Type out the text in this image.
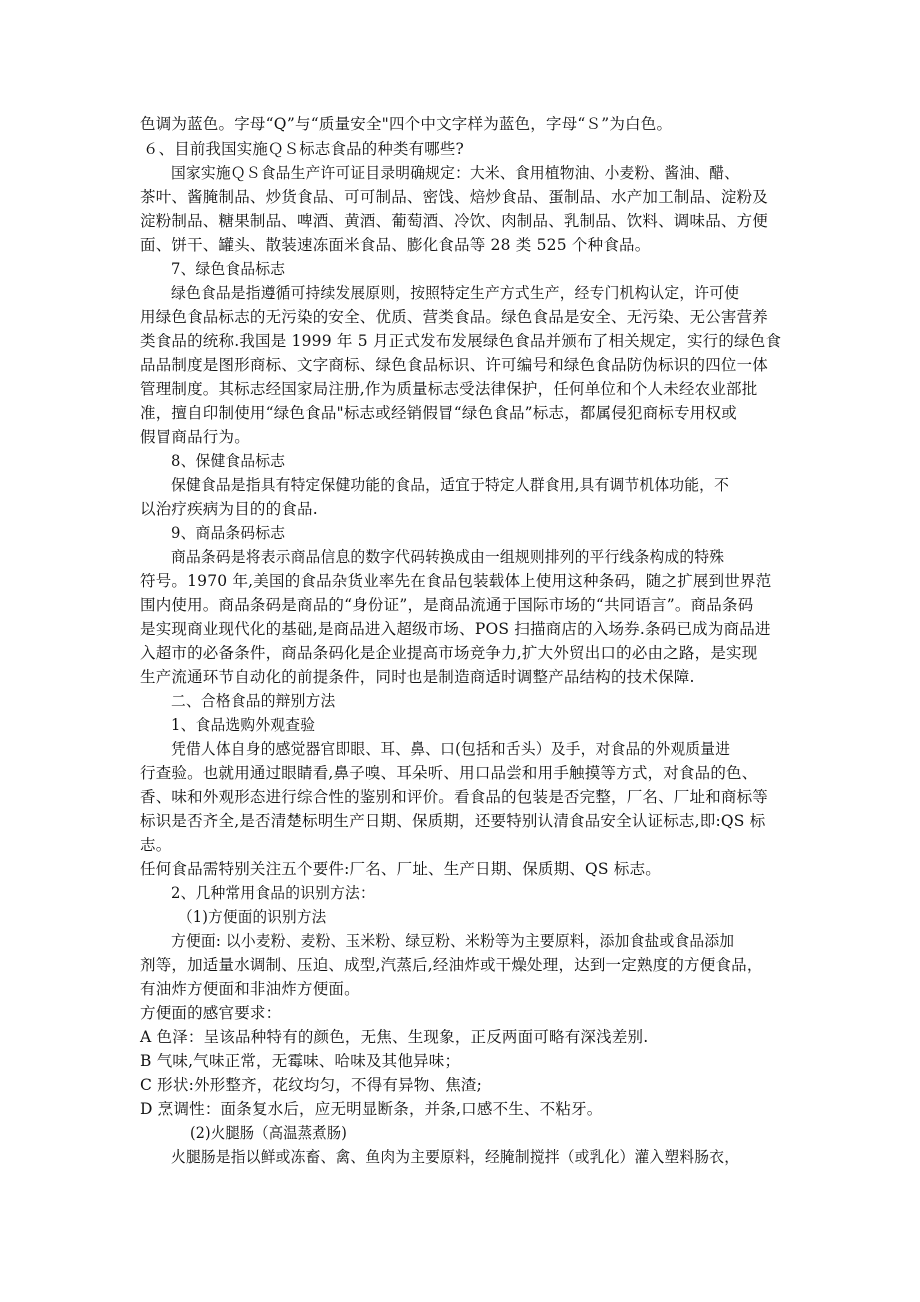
色调为蓝色。字母“Q”与“质量安全"四个中文字样为蓝色，字母“Ｓ”为白色。
６、目前我国实施ＱＳ标志食品的种类有哪些?
国家实施ＱＳ食品生产许可证目录明确规定：大米、食用植物油、小麦粉、酱油、醋、
茶叶、酱腌制品、炒货食品、可可制品、密饯、焙炒食品、蛋制品、水产加工制品、淀粉及
淀粉制品、糖果制品、啤酒、黄酒、葡萄酒、冷饮、肉制品、乳制品、饮料、调味品、方便
面、饼干、罐头、散装速冻面米食品、膨化食品等 28 类 525 个种食品。
7、绿色食品标志
绿色食品是指遵循可持续发展原则，按照特定生产方式生产，经专门机构认定，许可使
用绿色食品标志的无污染的安全、优质、营类食品。绿色食品是安全、无污染、无公害营养
类食品的统称.我国是 1999 年 5 月正式发布发展绿色食品并颁布了相关规定，实行的绿色食
品品制度是图形商标、文字商标、绿色食品标识、许可编号和绿色食品防伪标识的四位一体
管理制度。其标志经国家局注册,作为质量标志受法律保护，任何单位和个人未经农业部批
准，擅自印制使用“绿色食品"标志或经销假冒“绿色食品”标志，都属侵犯商标专用权或
假冒商品行为。
8、保健食品标志
保健食品是指具有特定保健功能的食品，适宜于特定人群食用,具有调节机体功能，不
以治疗疾病为目的的食品.
9、商品条码标志
商品条码是将表示商品信息的数字代码转换成由一组规则排列的平行线条构成的特殊
符号。1970 年,美国的食品杂货业率先在食品包装载体上使用这种条码，随之扩展到世界范
围内使用。商品条码是商品的“身份证”，是商品流通于国际市场的“共同语言”。商品条码
是实现商业现代化的基础,是商品进入超级市场、POS 扫描商店的入场券.条码已成为商品进
入超市的必备条件，商品条码化是企业提高市场竞争力,扩大外贸出口的必由之路，是实现
生产流通环节自动化的前提条件，同时也是制造商适时调整产品结构的技术保障.
二、合格食品的辩别方法
1、食品选购外观查验
凭借人体自身的感觉器官即眼、耳、鼻、口(包括和舌头）及手，对食品的外观质量进
行查验。也就用通过眼睛看,鼻子嗅、耳朵听、用口品尝和用手触摸等方式，对食品的色、
香、味和外观形态进行综合性的鉴别和评价。看食品的包装是否完整，厂名、厂址和商标等
标识是否齐全,是否清楚标明生产日期、保质期，还要特别认清食品安全认证标志,即:QS 标
志。
任何食品需特别关注五个要件:厂名、厂址、生产日期、保质期、QS 标志。
2、几种常用食品的识别方法：
（1)方便面的识别方法
方便面: 以小麦粉、麦粉、玉米粉、绿豆粉、米粉等为主要原料，添加食盐或食品添加
剂等，加适量水调制、压迫、成型,汽蒸后,经油炸或干燥处理，达到一定熟度的方便食品，
有油炸方便面和非油炸方便面。
方便面的感官要求：
A 色泽：呈该品种特有的颜色，无焦、生现象，正反两面可略有深浅差别.
B 气味,气味正常，无霉味、哈味及其他异味；
C 形状:外形整齐，花纹均匀，不得有异物、焦渣;
D 烹调性：面条复水后，应无明显断条，并条,口感不生、不粘牙。
(2)火腿肠（高温蒸煮肠)
火腿肠是指以鲜或冻畜、禽、鱼肉为主要原料，经腌制搅拌（或乳化）灌入塑料肠衣，
